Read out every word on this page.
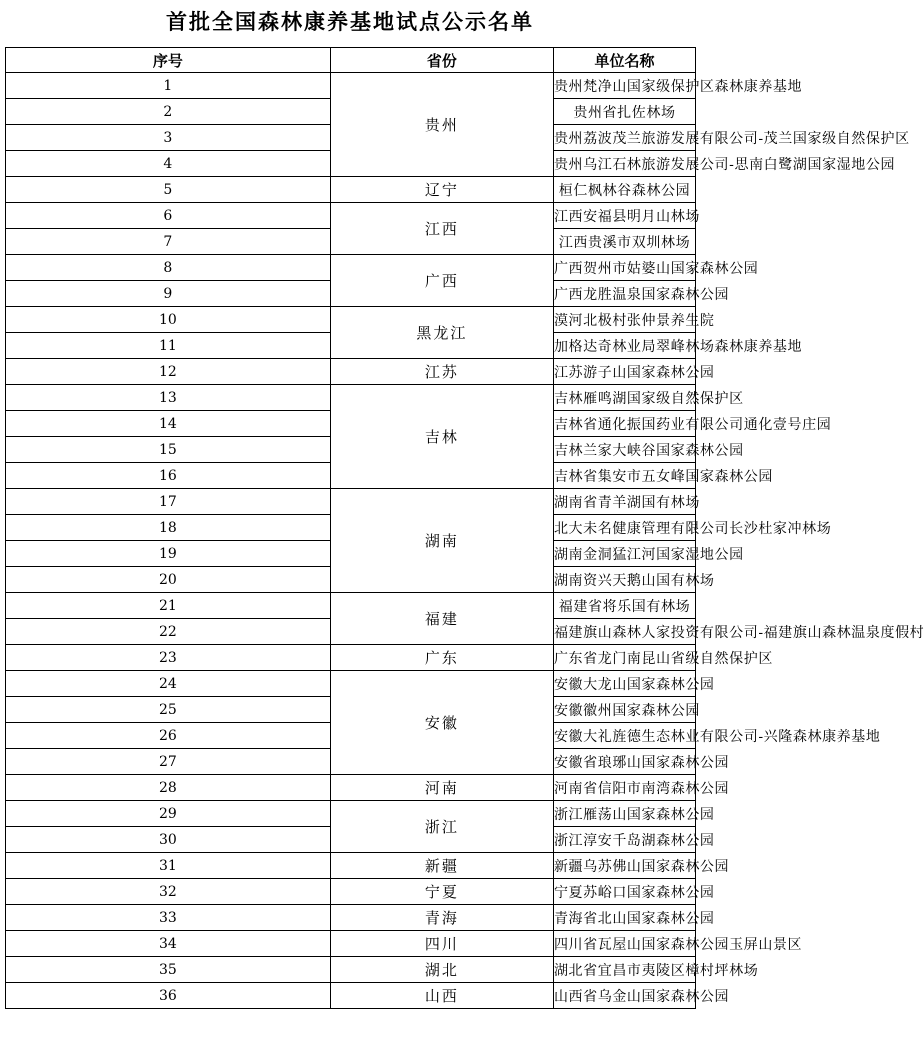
首批全国森林康养基地试点公示名单
序号	省份	单位名称
1	贵州	贵州梵净山国家级保护区森林康养基地
2		贵州省扎佐林场
3		贵州荔波茂兰旅游发展有限公司-茂兰国家级自然保护区
4		贵州乌江石林旅游发展公司-思南白鹭湖国家湿地公园
5	辽宁	桓仁枫林谷森林公园
6	江西	江西安福县明月山林场
7		江西贵溪市双圳林场
8	广西	广西贺州市姑婆山国家森林公园
9		广西龙胜温泉国家森林公园
10	黑龙江	漠河北极村张仲景养生院
11		加格达奇林业局翠峰林场森林康养基地
12	江苏	江苏游子山国家森林公园
13	吉林	吉林雁鸣湖国家级自然保护区
14		吉林省通化振国药业有限公司通化壹号庄园
15		吉林兰家大峡谷国家森林公园
16		吉林省集安市五女峰国家森林公园
17	湖南	湖南省青羊湖国有林场
18		北大未名健康管理有限公司长沙杜家冲林场
19		湖南金洞猛江河国家湿地公园
20		湖南资兴天鹅山国有林场
21	福建	福建省将乐国有林场
22		福建旗山森林人家投资有限公司-福建旗山森林温泉度假村
23	广东	广东省龙门南昆山省级自然保护区
24	安徽	安徽大龙山国家森林公园
25		安徽徽州国家森林公园
26		安徽大礼旌德生态林业有限公司-兴隆森林康养基地
27		安徽省琅琊山国家森林公园
28	河南	河南省信阳市南湾森林公园
29	浙江	浙江雁荡山国家森林公园
30		浙江淳安千岛湖森林公园
31	新疆	新疆乌苏佛山国家森林公园
32	宁夏	宁夏苏峪口国家森林公园
33	青海	青海省北山国家森林公园
34	四川	四川省瓦屋山国家森林公园玉屏山景区
35	湖北	湖北省宜昌市夷陵区樟村坪林场
36	山西	山西省乌金山国家森林公园
